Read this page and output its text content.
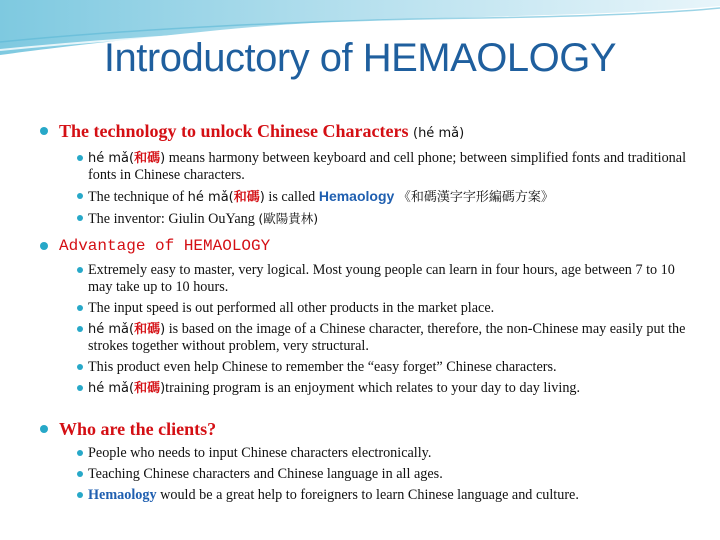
Introductory of HEMAOLOGY
The technology to unlock Chinese Characters (hé mǎ)
hé mǎ(和碼) means harmony between keyboard and cell phone; between simplified fonts and traditional fonts in Chinese characters.
The technique of hé mǎ(和碼) is called Hemaology 《和碼漢字字形編碼方案》
The inventor: Giulin OuYang (歐陽貴林)
Advantage of HEMAOLOGY
Extremely easy to master, very logical. Most young people can learn in four hours, age between 7 to 10 may take up to 10 hours.
The input speed is out performed all other products in the market place.
hé mǎ(和碼) is based on the image of a Chinese character, therefore, the non-Chinese may easily put the strokes together without problem, very structural.
This product even help Chinese to remember the “easy forget” Chinese characters.
hé mǎ(和碼)training program is an enjoyment which relates to your day to day living.
Who are the clients?
People who needs to input Chinese characters electronically.
Teaching Chinese characters and Chinese language in all ages.
Hemaology would be a great help to foreigners to learn Chinese language and culture.
